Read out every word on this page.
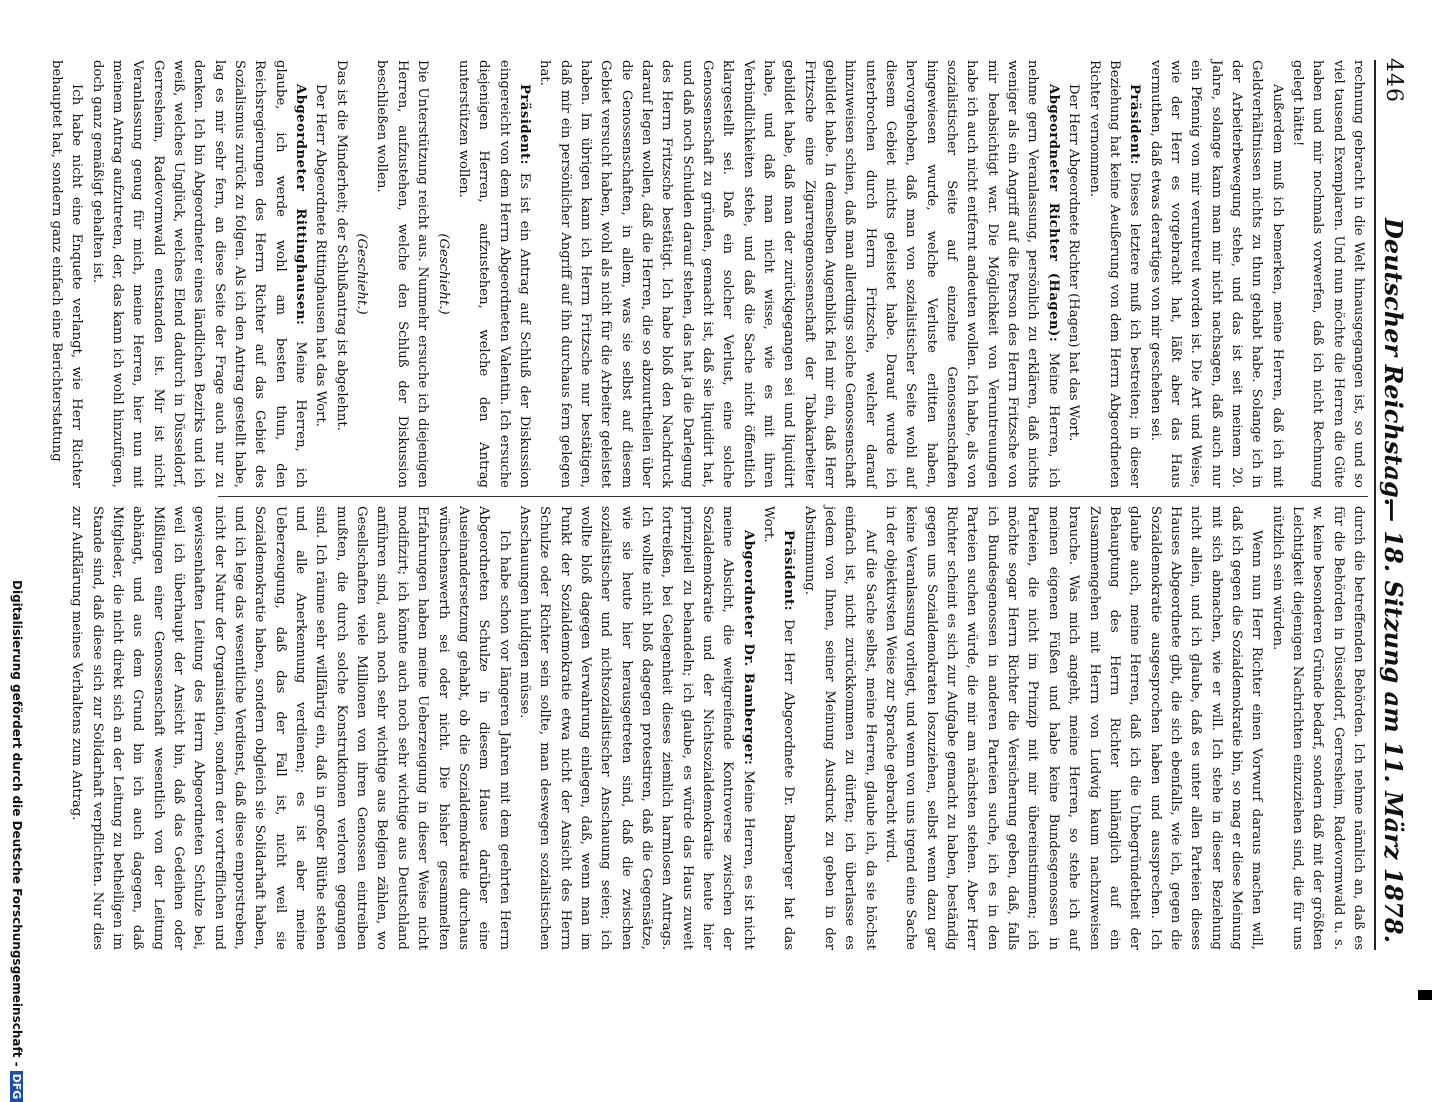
446
Deutscher Reichstag.
— 18. Sitzung am 11. März 1878.

rechnung gebracht in die Welt hinausgegangen ist, so und so viel tausend Exemplaren. Und nun möchte die Herren die Güte haben und mir nochmals vorwerfen, daß ich nicht Rechnung gelegt hätte!

Außerdem muß ich bemerken, meine Herren, daß ich mit Geldverhältnissen nichts zu thun gehabt habe. Solange ich in der Arbeiterbewegung stehe, und das ist seit meinem 20. Jahre, solange kann man mir nicht nachsagen, daß auch nur ein Pfennig von mir veruntreut worden ist. Die Art und Weise, wie der Herr es vorgebracht hat, läßt aber das Haus vermuthen, daß etwas derartiges von mir geschehen sei.

Präsident: Dieses letztere muß ich bestreiten; in dieser Beziehung hat keine Aeußerung von dem Herrn Abgeordneten Richter vernommen.

Der Herr Abgeordnete Richter (Hagen) hat das Wort.

Abgeordneter Richter (Hagen): Meine Herren, ich nehme gern Veranlassung, persönlich zu erklären, daß nichts weniger als ein Angriff auf die Person des Herrn Fritzsche von mir beabsichtigt war. Die Möglichkeit von Veruntreuungen habe ich auch nicht entfernt andeuten wollen. Ich habe, als von sozialistischer Seite auf einzelne Genossenschaften hingewiesen wurde, welche Verluste erlitten haben, hervorgehoben, daß man von sozialistischer Seite wohl auf diesem Gebiet nichts geleistet habe. Darauf wurde ich unterbrochen durch Herrn Fritzsche, welcher darauf hinzuweisen schien, daß man allerdings solche Genossenschaft gebildet habe. In demselben Augenblick fiel mir ein, daß Herr Fritzsche eine Zigarrengenossenschaft der Tabakarbeiter gebildet habe, daß man der zurückgegangen sei und liquidirt habe, und daß man nicht wisse, wie es mit ihren Verbindlichkeiten stehe, und daß die Sache nicht öffentlich klargestellt sei. Daß ein solcher Verlust, eine solche Genossenschaft zu gründen, gemacht ist, daß sie liquidirt hat, und daß noch Schulden darauf stehen, das hat ja die Darlegung des Herrn Fritzsche bestätigt. Ich habe bloß den Nachdruck darauf legen wollen, daß die Herren, die so abzuurtheilen über die Genossenschaften, in allem, was sie selbst auf diesem Gebiet versucht haben, wohl als nicht für die Arbeiter geleistet haben. Im übrigen kann ich Herrn Fritzsche nur bestätigen, daß mir ein persönlicher Angriff auf ihn durchaus fern gelegen hat.

Präsident: Es ist ein Antrag auf Schluß der Diskussion eingereicht von dem Herrn Abgeordneten Valentin. Ich ersuche diejenigen Herren, aufzustehen, welche den Antrag unterstützen wollen.

(Geschieht.)

Die Unterstützung reicht aus. Nunmehr ersuche ich diejenigen Herren, aufzustehen, welche den Schluß der Diskussion beschließen wollen.

(Geschieht.)

Das ist die Minderheit; der Schlußantrag ist abgelehnt.

Der Herr Abgeordnete Rittinghausen hat das Wort.

Abgeordneter Rittinghausen: Meine Herren, ich glaube, ich werde wohl am besten thun, den Reichsregierungen des Herrn Richter auf das Gebiet des Sozialismus zurück zu folgen. Als ich den Antrag gestellt habe, lag es mir sehr fern, an diese Seite der Frage auch nur zu denken. Ich bin Abgeordneter eines ländlichen Bezirks und ich weiß, welches Unglück, welches Elend dadurch in Düsseldorf, Gerresheim, Radevormwald entstanden ist. Mir ist nicht Veranlassung genug für mich, meine Herren, hier nun mit meinem Antrag aufzutreten, der, das kann ich wohl hinzufügen, doch ganz gemäßigt gehalten ist.

Ich habe nicht eine Enquete verlangt, wie Herr Richter behauptet hat, sondern ganz einfach eine Berichterstattung

durch die betreffenden Behörden. Ich nehme nämlich an, daß es für die Behörden in Düsseldorf, Gerresheim, Radevormwald u. s. w. keine besonderen Gründe bedarf, sondern daß mit der größten Leichtigkeit diejenigen Nachrichten einzuziehen sind, die für uns nützlich sein würden.

Wenn nun Herr Richter einen Vorwurf daraus machen will, daß ich gegen die Sozialdemokratie bin, so mag er diese Meinung mit sich abmachen, wie er will. Ich stehe in dieser Beziehung nicht allein, und ich glaube, daß es unter allen Parteien dieses Hauses Abgeordnete gibt, die sich ebenfalls, wie ich, gegen die Sozialdemokratie ausgesprochen haben und aussprechen. Ich glaube auch, meine Herren, daß ich die Unbegründetheit der Behauptung des Herrn Richter hinlänglich auf ein Zusammengehen mit Herrn von Ludwig kaum nachzuweisen brauche. Was mich angeht, meine Herren, so stehe ich auf meinen eigenen Füßen und habe keine Bundesgenossen in Parteien, die nicht im Prinzip mit mir übereinstimmen; ich möchte sogar Herrn Richter die Versicherung geben, daß, falls ich Bundesgenossen in anderen Parteien suche, ich es in den Parteien suchen würde, die mir am nächsten stehen. Aber Herr Richter scheint es sich zur Aufgabe gemacht zu haben, beständig gegen uns Sozialdemokraten loszuziehen, selbst wenn dazu gar keine Veranlassung vorliegt, und wenn von uns irgend eine Sache in der objektivsten Weise zur Sprache gebracht wird.

Auf die Sache selbst, meine Herren, glaube ich, da sie höchst einfach ist, nicht zurückkommen zu dürfen; ich überlasse es jedem von Ihnen, seiner Meinung Ausdruck zu geben in der Abstimmung.

Präsident: Der Herr Abgeordnete Dr. Bamberger hat das Wort.

Abgeordneter Dr. Bamberger: Meine Herren, es ist nicht meine Absicht, die weitgreifende Kontroverse zwischen der Sozialdemokratie und der Nichtsozialdemokratie heute hier prinzipiell zu behandeln; ich glaube, es würde das Haus zuweit fortreißen, bei Gelegenheit dieses ziemlich harmlosen Antrags. Ich wollte nicht bloß dagegen protestiren, daß die Gegensätze, wie sie heute hier herausgetreten sind, daß die zwischen sozialistischer und nichtsozialistischer Anschauung seien; ich wollte bloß dagegen Verwahrung einlegen, daß, wenn man im Punkt der Sozialdemokratie etwa nicht der Ansicht des Herrn Schulze oder Richter sein sollte, man deswegen sozialistischen Anschauungen huldigen müsse.

Ich habe schon vor längeren Jahren mit dem geehrten Herrn Abgeordneten Schulze in diesem Hause darüber eine Auseinandersetzung gehabt, ob die Sozialdemokratie durchaus wünschenswerth sei oder nicht. Die bisher gesammelten Erfahrungen haben meine Ueberzeugung in dieser Weise nicht modifizirt; ich könnte auch noch sehr wichtige aus Deutschland anführen sind, auch noch sehr wichtige aus Belgien zählen, wo Gesellschaften viele Millionen von ihren Genossen eintreiben mußten, die durch solche Konstruktionen verloren gegangen sind. Ich räume sehr willfährig ein, daß in großer Blüthe stehen und alle Anerkennung verdienen; es ist aber meine Ueberzeugung, daß das der Fall ist, nicht weil sie Sozialdemokratie haben, sondern obgleich sie Solidarhaft haben, und ich lege das wesentliche Verdienst, daß diese emporstreben, nicht der Natur der Organisation, sondern der vortrefflichen und gewissenhaften Leitung des Herrn Abgeordneten Schulze bei, weil ich überhaupt der Ansicht bin, daß das Gedeihen oder Mißlingen einer Genossenschaft wesentlich von der Leitung abhängt, und aus dem Grund bin ich auch dagegen, daß Mitglieder, die nicht direkt sich an der Leitung zu betheiligen im Stande sind, daß diese sich zur Solidarhaft verpflichten. Nur dies zur Aufklärung meines Verhaltens zum Antrag.

Digitalisierung gefördert durch die Deutsche Forschungsgemeinschaft -DFG
